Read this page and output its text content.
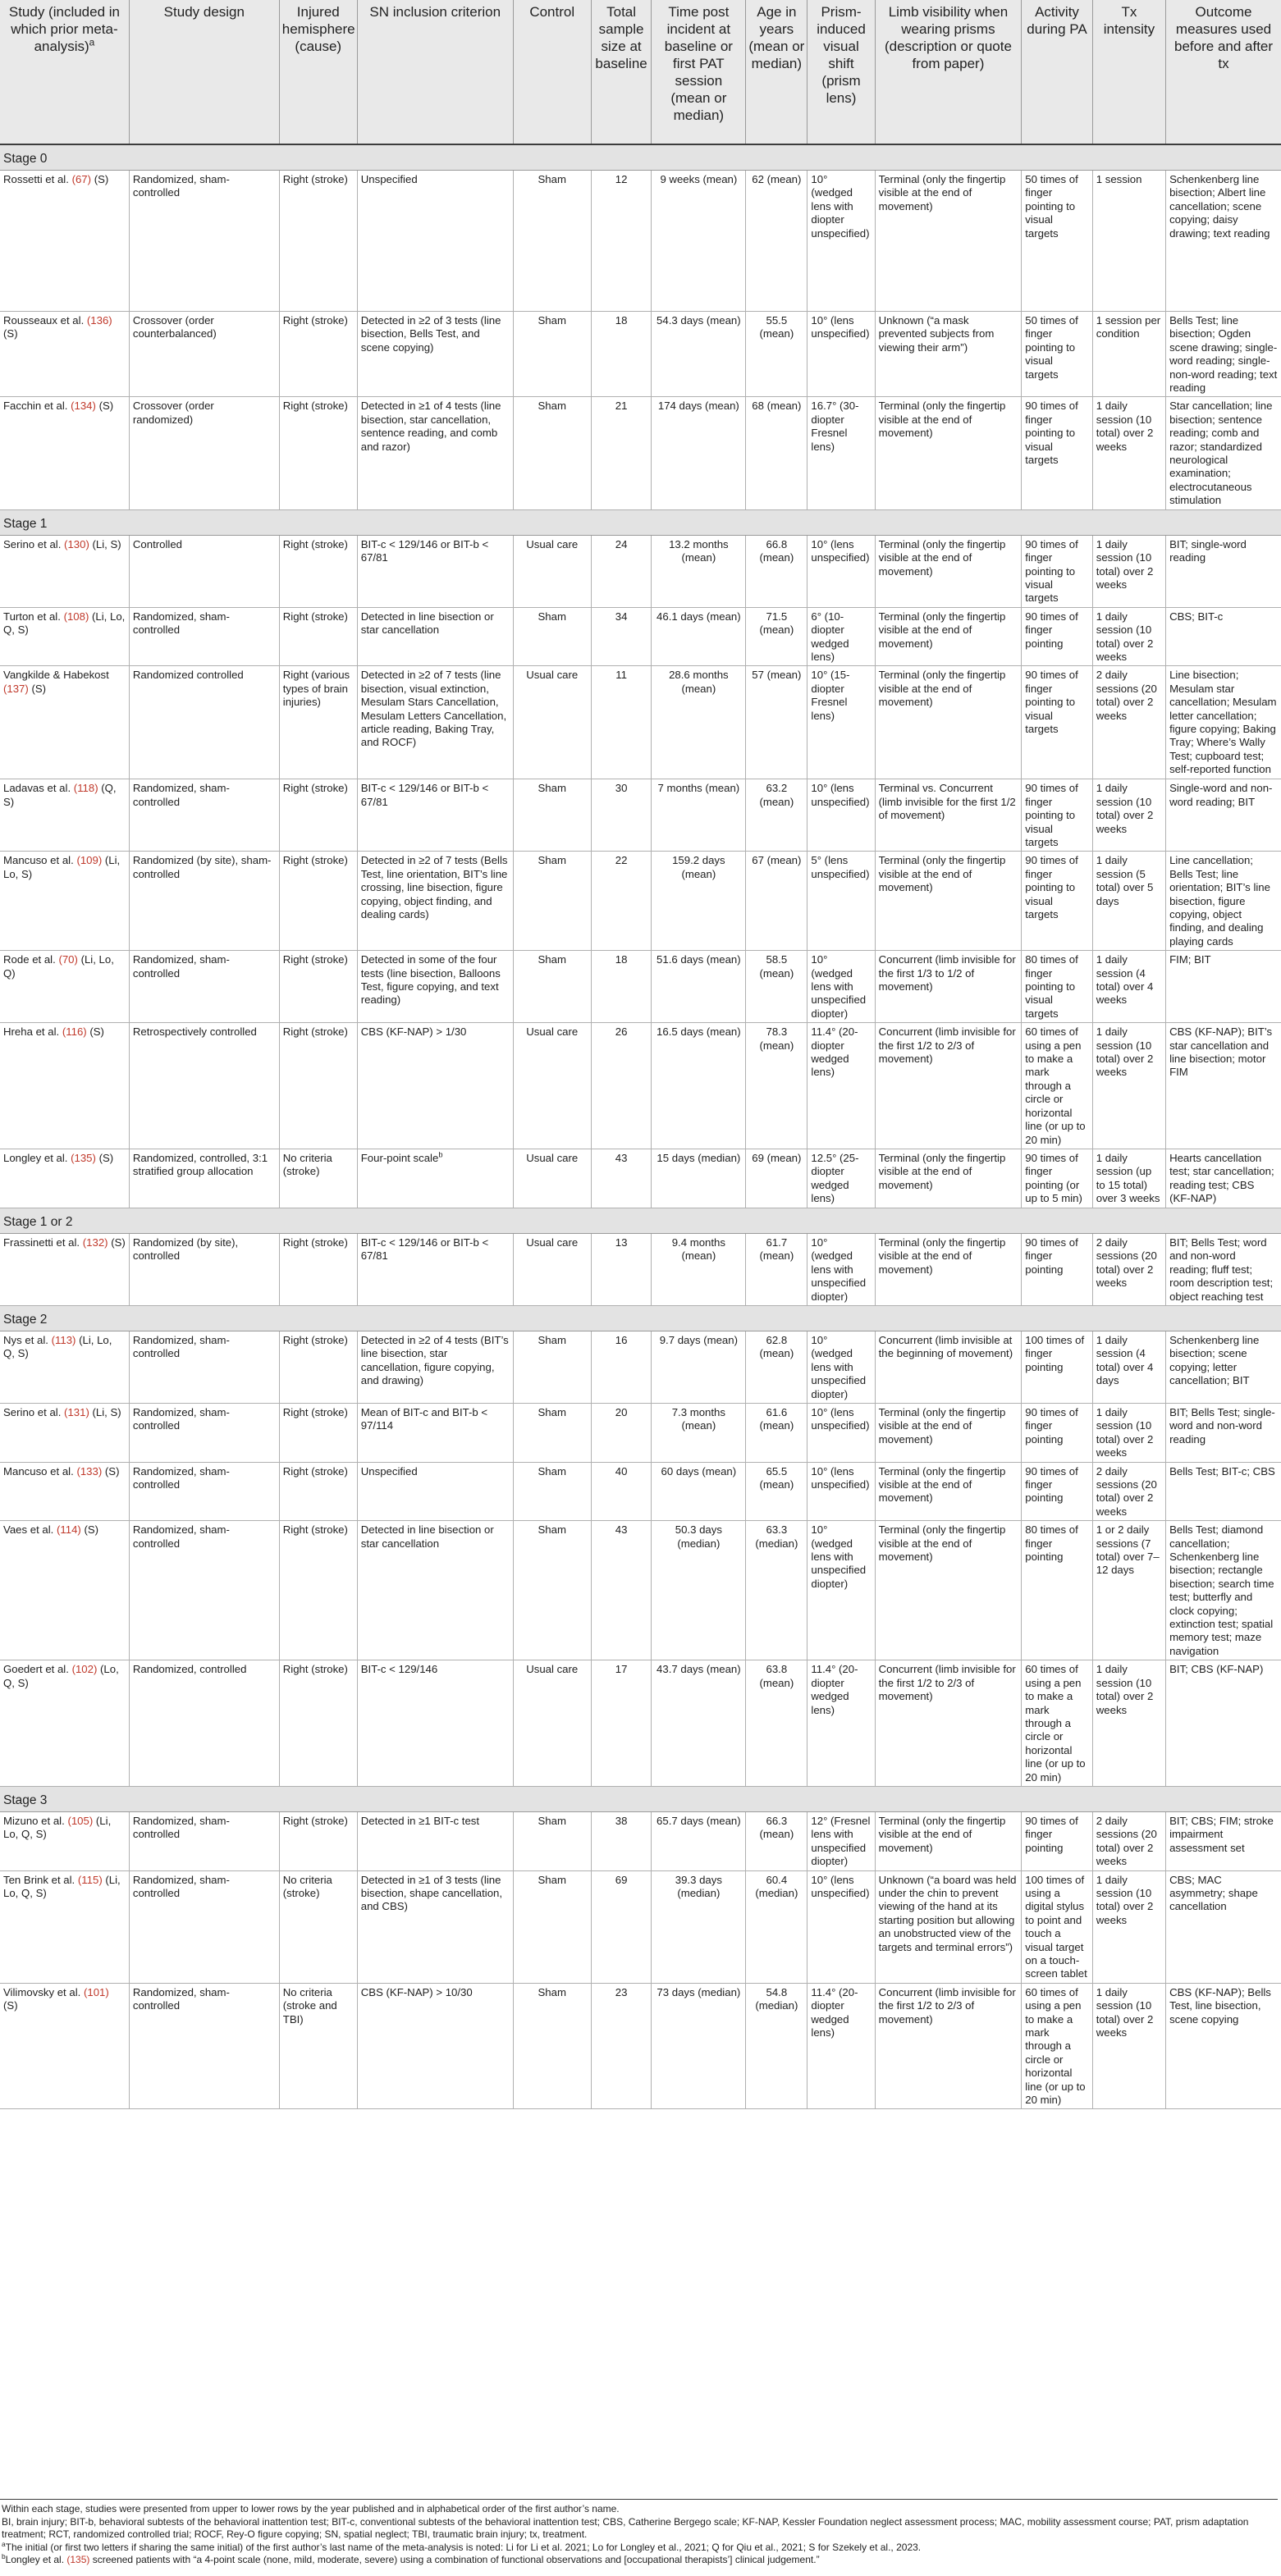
Study (included in which prior meta-analysis)$^a$	Study design	Injured hemisphere (cause)	SN inclusion criterion	Control	Total sample size at baseline	Time post incident at baseline or first PAT session (mean or median)	Age in years (mean or median)	Prism-induced visual shift (prism lens)	Limb visibility when wearing prisms (description or quote from paper)	Activity during PA	Tx intensity	Outcome measures used before and after tx
Stage 0												
Rossetti et al. (67) (S)	Randomized, sham-controlled	Right (stroke)	Unspecified	Sham	12	9 weeks (mean)	62 (mean)	10° (wedged lens with diopter unspecified)	Terminal (only the fingertip visible at the end of movement)	50 times of finger pointing to visual targets	1 session	Schenkenberg line bisection; Albert line cancellation; scene copying; daisy drawing; text reading
Rousseaux et al. (136) (S)	Crossover (order counterbalanced)	Right (stroke)	Detected in ≥2 of 3 tests (line bisection, Bells Test, and scene copying)	Sham	18	54.3 days (mean)	55.5 (mean)	10° (lens unspecified)	Unknown (“a mask prevented subjects from viewing their arm”)	50 times of finger pointing to visual targets	1 session per condition	Bells Test; line bisection; Ogden scene drawing; single-word reading; single-non-word reading; text reading
Facchin et al. (134) (S)	Crossover (order randomized)	Right (stroke)	Detected in ≥1 of 4 tests (line bisection, star cancellation, sentence reading, and comb and razor)	Sham	21	174 days (mean)	68 (mean)	16.7° (30-diopter Fresnel lens)	Terminal (only the fingertip visible at the end of movement)	90 times of finger pointing to visual targets	1 daily session (10 total) over 2 weeks	Star cancellation; line bisection; sentence reading; comb and razor; standardized neurological examination; electrocutaneous stimulation
Stage 1												
Serino et al. (130) (Li, S)	Controlled	Right (stroke)	BIT-c < 129/146 or BIT-b < 67/81	Usual care	24	13.2 months (mean)	66.8 (mean)	10° (lens unspecified)	Terminal (only the fingertip visible at the end of movement)	90 times of finger pointing to visual targets	1 daily session (10 total) over 2 weeks	BIT; single-word reading
Turton et al. (108) (Li, Lo, Q, S)	Randomized, sham-controlled	Right (stroke)	Detected in line bisection or star cancellation	Sham	34	46.1 days (mean)	71.5 (mean)	6° (10-diopter wedged lens)	Terminal (only the fingertip visible at the end of movement)	90 times of finger pointing	1 daily session (10 total) over 2 weeks	CBS; BIT-c
Vangkilde & Habekost (137) (S)	Randomized controlled	Right (various types of brain injuries)	Detected in ≥2 of 7 tests (line bisection, visual extinction, Mesulam Stars Cancellation, Mesulam Letters Cancellation, article reading, Baking Tray, and ROCF)	Usual care	11	28.6 months (mean)	57 (mean)	10° (15-diopter Fresnel lens)	Terminal (only the fingertip visible at the end of movement)	90 times of finger pointing to visual targets	2 daily sessions (20 total) over 2 weeks	Line bisection; Mesulam star cancellation; Mesulam letter cancellation; figure copying; Baking Tray; Where’s Wally Test; cupboard test; self-reported function
Ladavas et al. (118) (Q, S)	Randomized, sham-controlled	Right (stroke)	BIT-c < 129/146 or BIT-b < 67/81	Sham	30	7 months (mean)	63.2 (mean)	10° (lens unspecified)	Terminal vs. Concurrent (limb invisible for the first 1/2 of movement)	90 times of finger pointing to visual targets	1 daily session (10 total) over 2 weeks	Single-word and non-word reading; BIT
Mancuso et al. (109) (Li, Lo, S)	Randomized (by site), sham-controlled	Right (stroke)	Detected in ≥2 of 7 tests (Bells Test, line orientation, BIT’s line crossing, line bisection, figure copying, object finding, and dealing cards)	Sham	22	159.2 days (mean)	67 (mean)	5° (lens unspecified)	Terminal (only the fingertip visible at the end of movement)	90 times of finger pointing to visual targets	1 daily session (5 total) over 5 days	Line cancellation; Bells Test; line orientation; BIT’s line bisection, figure copying, object finding, and dealing playing cards
Rode et al. (70) (Li, Lo, Q)	Randomized, sham-controlled	Right (stroke)	Detected in some of the four tests (line bisection, Balloons Test, figure copying, and text reading)	Sham	18	51.6 days (mean)	58.5 (mean)	10° (wedged lens with unspecified diopter)	Concurrent (limb invisible for the first 1/3 to 1/2 of movement)	80 times of finger pointing to visual targets	1 daily session (4 total) over 4 weeks	FIM; BIT
Hreha et al. (116) (S)	Retrospectively controlled	Right (stroke)	CBS (KF-NAP) > 1/30	Usual care	26	16.5 days (mean)	78.3 (mean)	11.4° (20-diopter wedged lens)	Concurrent (limb invisible for the first 1/2 to 2/3 of movement)	60 times of using a pen to make a mark through a circle or horizontal line (or up to 20 min)	1 daily session (10 total) over 2 weeks	CBS (KF-NAP); BIT’s star cancellation and line bisection; motor FIM
Longley et al. (135) (S)	Randomized, controlled, 3:1 stratified group allocation	No criteria (stroke)	Four-point scale$^b$	Usual care	43	15 days (median)	69 (mean)	12.5° (25-diopter wedged lens)	Terminal (only the fingertip visible at the end of movement)	90 times of finger pointing (or up to 5 min)	1 daily session (up to 15 total) over 3 weeks	Hearts cancellation test; star cancellation; reading test; CBS (KF-NAP)
Stage 1 or 2												
Frassinetti et al. (132) (S)	Randomized (by site), controlled	Right (stroke)	BIT-c < 129/146 or BIT-b < 67/81	Usual care	13	9.4 months (mean)	61.7 (mean)	10° (wedged lens with unspecified diopter)	Terminal (only the fingertip visible at the end of movement)	90 times of finger pointing	2 daily sessions (20 total) over 2 weeks	BIT; Bells Test; word and non-word reading; fluff test; room description test; object reaching test
Stage 2												
Nys et al. (113) (Li, Lo, Q, S)	Randomized, sham-controlled	Right (stroke)	Detected in ≥2 of 4 tests (BIT’s line bisection, star cancellation, figure copying, and drawing)	Sham	16	9.7 days (mean)	62.8 (mean)	10° (wedged lens with unspecified diopter)	Concurrent (limb invisible at the beginning of movement)	100 times of finger pointing	1 daily session (4 total) over 4 days	Schenkenberg line bisection; scene copying; letter cancellation; BIT
Serino et al. (131) (Li, S)	Randomized, sham-controlled	Right (stroke)	Mean of BIT-c and BIT-b < 97/114	Sham	20	7.3 months (mean)	61.6 (mean)	10° (lens unspecified)	Terminal (only the fingertip visible at the end of movement)	90 times of finger pointing	1 daily session (10 total) over 2 weeks	BIT; Bells Test; single-word and non-word reading
Mancuso et al. (133) (S)	Randomized, sham-controlled	Right (stroke)	Unspecified	Sham	40	60 days (mean)	65.5 (mean)	10° (lens unspecified)	Terminal (only the fingertip visible at the end of movement)	90 times of finger pointing	2 daily sessions (20 total) over 2 weeks	Bells Test; BIT-c; CBS
Vaes et al. (114) (S)	Randomized, sham-controlled	Right (stroke)	Detected in line bisection or star cancellation	Sham	43	50.3 days (median)	63.3 (median)	10° (wedged lens with unspecified diopter)	Terminal (only the fingertip visible at the end of movement)	80 times of finger pointing	1 or 2 daily sessions (7 total) over 7–12 days	Bells Test; diamond cancellation; Schenkenberg line bisection; rectangle bisection; search time test; butterfly and clock copying; extinction test; spatial memory test; maze navigation
Goedert et al. (102) (Lo, Q, S)	Randomized, controlled	Right (stroke)	BIT-c < 129/146	Usual care	17	43.7 days (mean)	63.8 (mean)	11.4° (20-diopter wedged lens)	Concurrent (limb invisible for the first 1/2 to 2/3 of movement)	60 times of using a pen to make a mark through a circle or horizontal line (or up to 20 min)	1 daily session (10 total) over 2 weeks	BIT; CBS (KF-NAP)
Stage 3												
Mizuno et al. (105) (Li, Lo, Q, S)	Randomized, sham-controlled	Right (stroke)	Detected in ≥1 BIT-c test	Sham	38	65.7 days (mean)	66.3 (mean)	12° (Fresnel lens with unspecified diopter)	Terminal (only the fingertip visible at the end of movement)	90 times of finger pointing	2 daily sessions (20 total) over 2 weeks	BIT; CBS; FIM; stroke impairment assessment set
Ten Brink et al. (115) (Li, Lo, Q, S)	Randomized, sham-controlled	No criteria (stroke)	Detected in ≥1 of 3 tests (line bisection, shape cancellation, and CBS)	Sham	69	39.3 days (median)	60.4 (median)	10° (lens unspecified)	Unknown (“a board was held under the chin to prevent viewing of the hand at its starting position but allowing an unobstructed view of the targets and terminal errors”)	100 times of using a digital stylus to point and touch a visual target on a touch-screen tablet	1 daily session (10 total) over 2 weeks	CBS; MAC asymmetry; shape cancellation
Vilimovsky et al. (101) (S)	Randomized, sham-controlled	No criteria (stroke and TBI)	CBS (KF-NAP) > 10/30	Sham	23	73 days (median)	54.8 (median)	11.4° (20-diopter wedged lens)	Concurrent (limb invisible for the first 1/2 to 2/3 of movement)	60 times of using a pen to make a mark through a circle or horizontal line (or up to 20 min)	1 daily session (10 total) over 2 weeks	CBS (KF-NAP); Bells Test, line bisection, scene copying

Within each stage, studies were presented from upper to lower rows by the year published and in alphabetical order of the first author’s name.

BI, brain injury; BIT-b, behavioral subtests of the behavioral inattention test; BIT-c, conventional subtests of the behavioral inattention test; CBS, Catherine Bergego scale; KF-NAP, Kessler Foundation neglect assessment process; MAC, mobility assessment course; PAT, prism adaptation treatment; RCT, randomized controlled trial; ROCF, Rey-O figure copying; SN, spatial neglect; TBI, traumatic brain injury; tx, treatment.

$^a$The initial (or first two letters if sharing the same initial) of the first author’s last name of the meta-analysis is noted: Li for Li et al. 2021; Lo for Longley et al., 2021; Q for Qiu et al., 2021; S for Szekely et al., 2023.

$^b$Longley et al. (135) screened patients with “a 4-point scale (none, mild, moderate, severe) using a combination of functional observations and [occupational therapists’] clinical judgement.”
